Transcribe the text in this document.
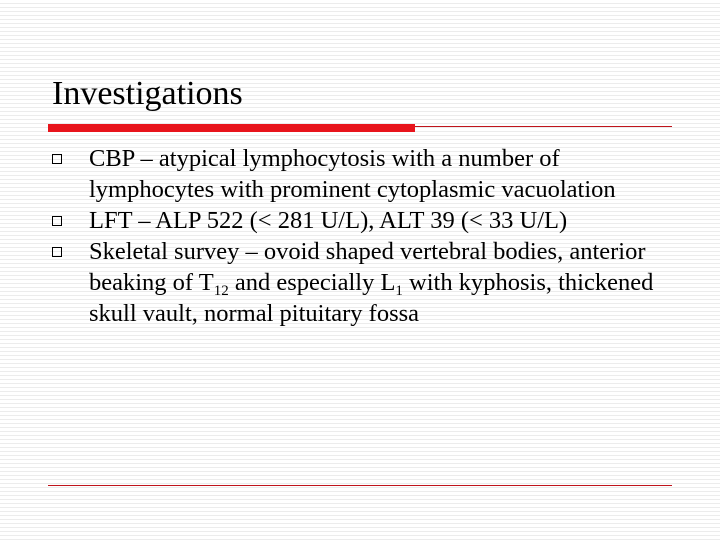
Investigations
CBP – atypical lymphocytosis with a number of lymphocytes with prominent cytoplasmic vacuolation
LFT – ALP 522 (< 281 U/L), ALT 39 (< 33 U/L)
Skeletal survey – ovoid shaped vertebral bodies, anterior beaking of $T_{12}$ and especially $L_1$ with kyphosis, thickened skull vault, normal pituitary fossa
